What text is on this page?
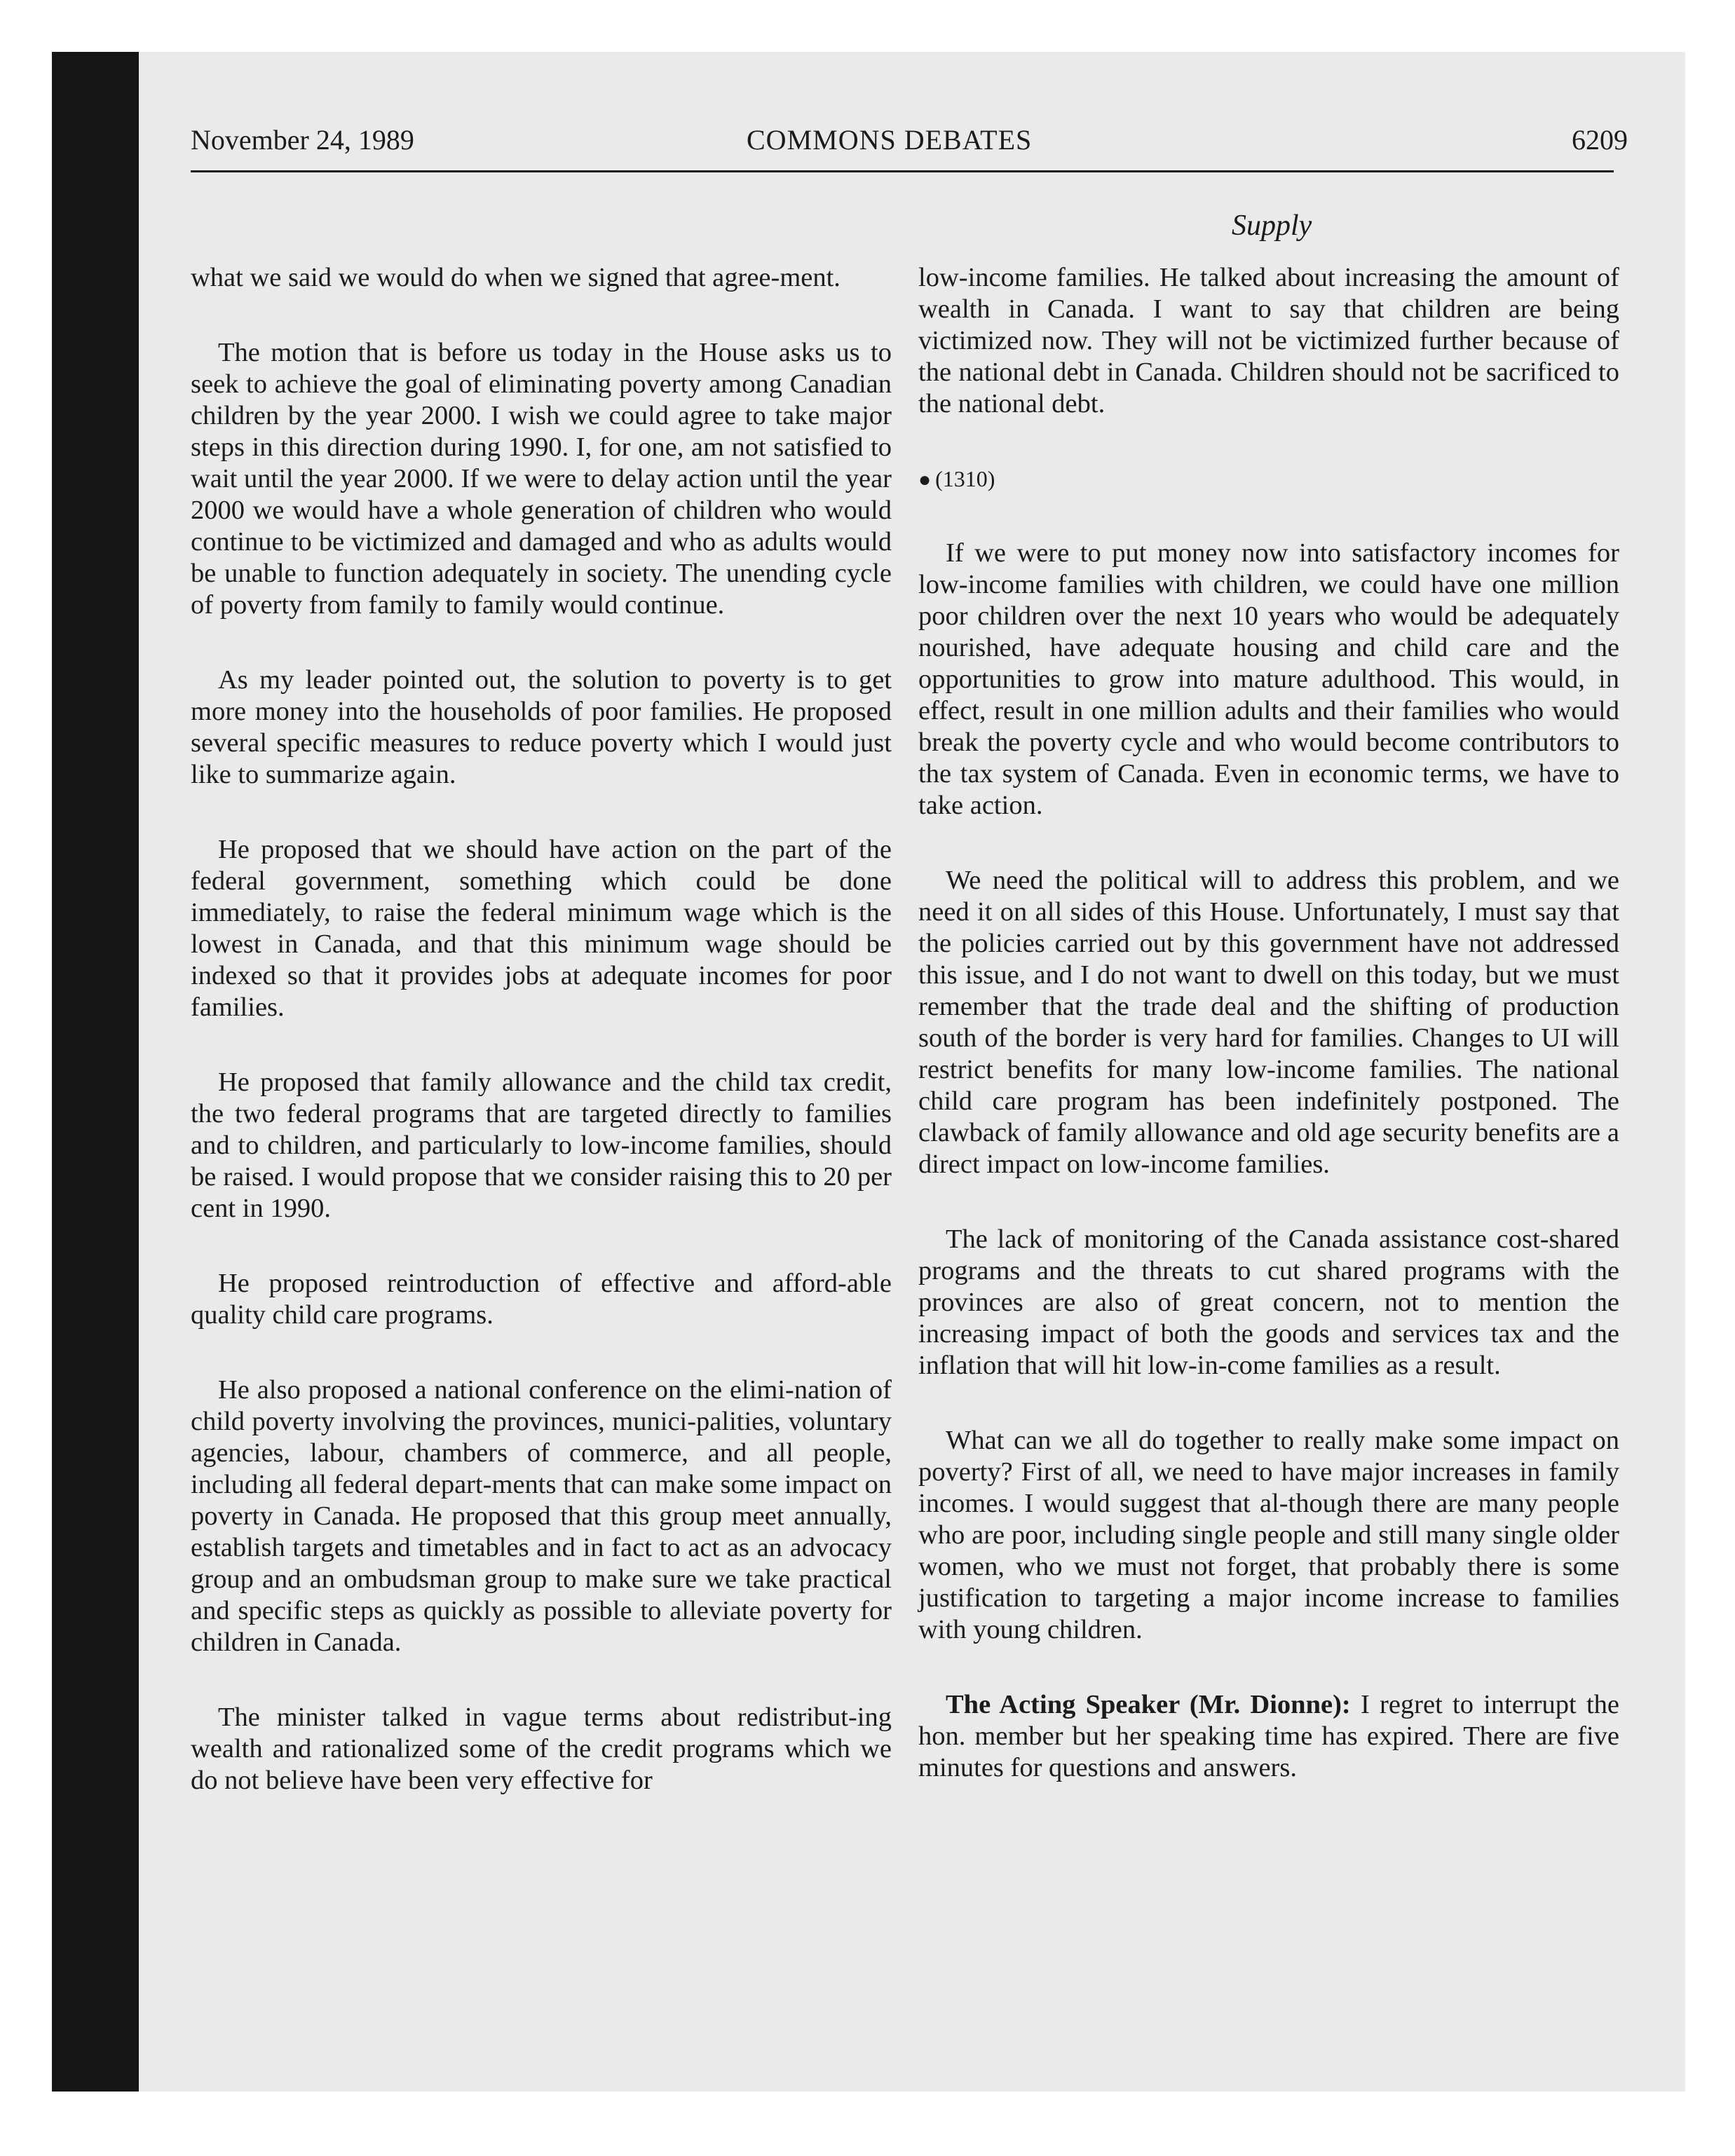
November 24, 1989	COMMONS DEBATES	6209
Supply

what we said we would do when we signed that agree-ment.

The motion that is before us today in the House asks us to seek to achieve the goal of eliminating poverty among Canadian children by the year 2000. I wish we could agree to take major steps in this direction during 1990. I, for one, am not satisfied to wait until the year 2000. If we were to delay action until the year 2000 we would have a whole generation of children who would continue to be victimized and damaged and who as adults would be unable to function adequately in society. The unending cycle of poverty from family to family would continue.

As my leader pointed out, the solution to poverty is to get more money into the households of poor families. He proposed several specific measures to reduce poverty which I would just like to summarize again.

He proposed that we should have action on the part of the federal government, something which could be done immediately, to raise the federal minimum wage which is the lowest in Canada, and that this minimum wage should be indexed so that it provides jobs at adequate incomes for poor families.

He proposed that family allowance and the child tax credit, the two federal programs that are targeted directly to families and to children, and particularly to low-income families, should be raised. I would propose that we consider raising this to 20 per cent in 1990.

He proposed reintroduction of effective and afford-able quality child care programs.

He also proposed a national conference on the elimi-nation of child poverty involving the provinces, munici-palities, voluntary agencies, labour, chambers of commerce, and all people, including all federal depart-ments that can make some impact on poverty in Canada. He proposed that this group meet annually, establish targets and timetables and in fact to act as an advocacy group and an ombudsman group to make sure we take practical and specific steps as quickly as possible to alleviate poverty for children in Canada.

The minister talked in vague terms about redistribut-ing wealth and rationalized some of the credit programs which we do not believe have been very effective for

low-income families. He talked about increasing the amount of wealth in Canada. I want to say that children are being victimized now. They will not be victimized further because of the national debt in Canada. Children should not be sacrificed to the national debt.

● (1310)

If we were to put money now into satisfactory incomes for low-income families with children, we could have one million poor children over the next 10 years who would be adequately nourished, have adequate housing and child care and the opportunities to grow into mature adulthood. This would, in effect, result in one million adults and their families who would break the poverty cycle and who would become contributors to the tax system of Canada. Even in economic terms, we have to take action.

We need the political will to address this problem, and we need it on all sides of this House. Unfortunately, I must say that the policies carried out by this government have not addressed this issue, and I do not want to dwell on this today, but we must remember that the trade deal and the shifting of production south of the border is very hard for families. Changes to UI will restrict benefits for many low-income families. The national child care program has been indefinitely postponed. The clawback of family allowance and old age security benefits are a direct impact on low-income families.

The lack of monitoring of the Canada assistance cost-shared programs and the threats to cut shared programs with the provinces are also of great concern, not to mention the increasing impact of both the goods and services tax and the inflation that will hit low-in-come families as a result.

What can we all do together to really make some impact on poverty? First of all, we need to have major increases in family incomes. I would suggest that al-though there are many people who are poor, including single people and still many single older women, who we must not forget, that probably there is some justification to targeting a major income increase to families with young children.

The Acting Speaker (Mr. Dionne): I regret to interrupt the hon. member but her speaking time has expired. There are five minutes for questions and answers.
